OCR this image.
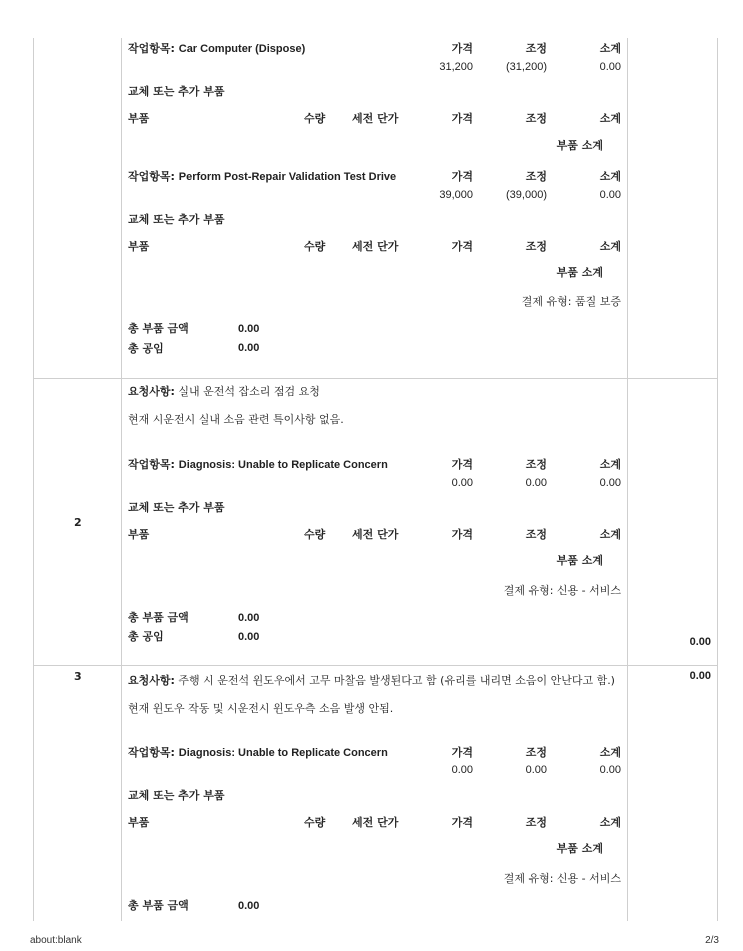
작업항목: Car Computer (Dispose)	가격	조정	소계
31,200	(31,200)	0.00
교체 또는 추가 부품
부품	수량 세전 단가	가격	조정	소계
부품 소계
작업항목: Perform Post-Repair Validation Test Drive	가격	조정	소계
39,000	(39,000)	0.00
교체 또는 추가 부품
부품	수량 세전 단가	가격	조정	소계
부품 소계
결제 유형: 품질 보증
총 부품 금액	0.00
총 공임	0.00
2
요청사항: 실내 운전석 잡소리 점검 요청
현재 시운전시 실내 소음 관련 특이사항 없음.
작업항목: Diagnosis: Unable to Replicate Concern	가격	조정	소계
0.00	0.00	0.00
교체 또는 추가 부품
부품	수량 세전 단가	가격	조정	소계
부품 소계
결제 유형: 신용 - 서비스
총 부품 금액	0.00
총 공임	0.00	0.00
3	요청사항: 주행 시 운전석 윈도우에서 고무 마찰음 발생된다고 함 (유리를 내리면 소음이 안난다고 함.)	0.00
현재 윈도우 작동 및 시운전시 윈도우측 소음 발생 안됨.
작업항목: Diagnosis: Unable to Replicate Concern	가격	조정	소계
0.00	0.00	0.00
교체 또는 추가 부품
부품	수량 세전 단가	가격	조정	소계
부품 소계
결제 유형: 신용 - 서비스
총 부품 금액	0.00
about:blank	2/3
